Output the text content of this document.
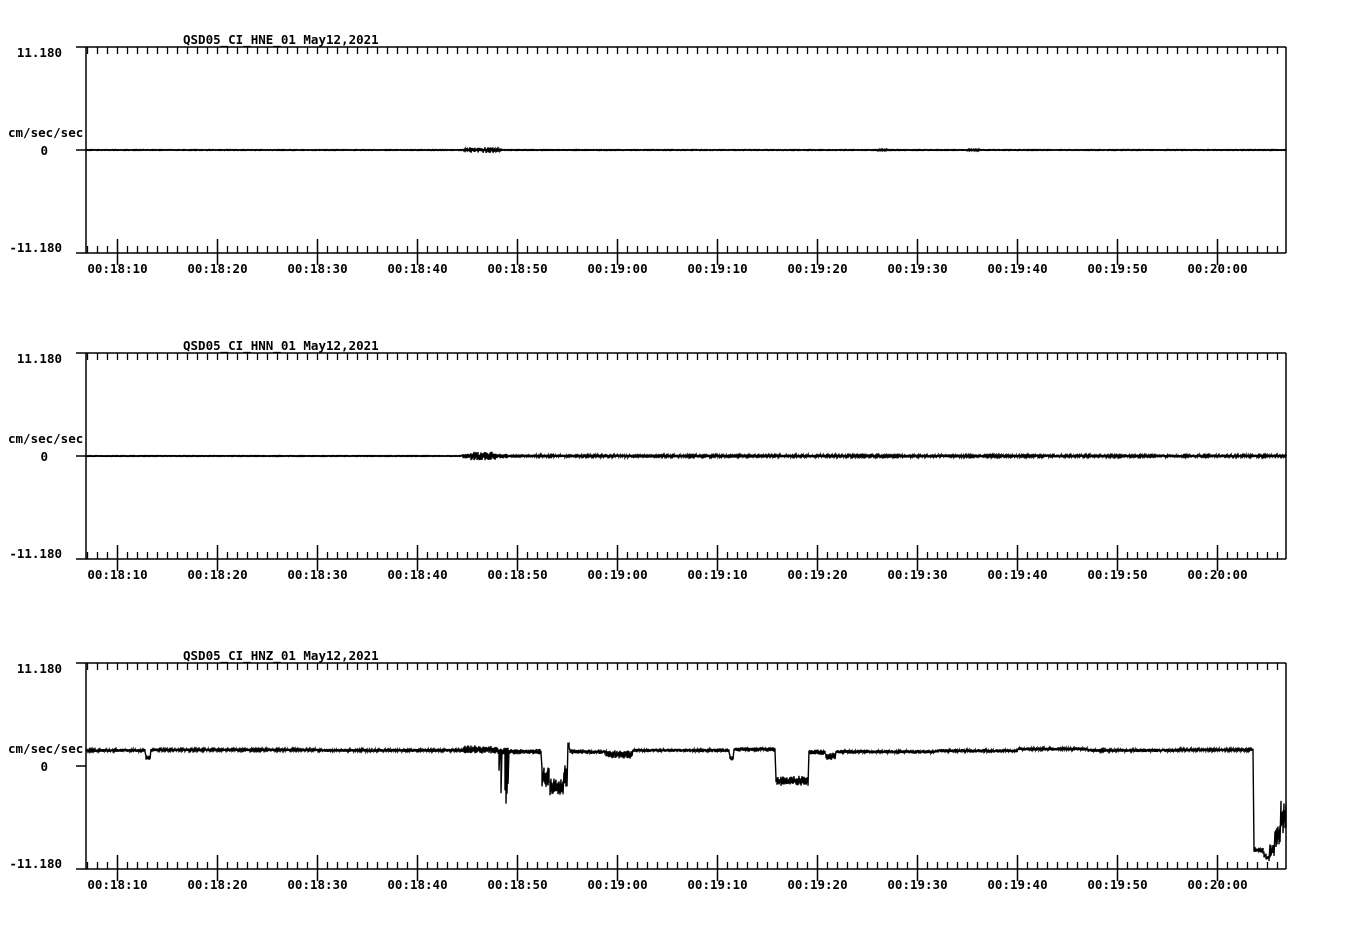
QSD05_CI_HNE_01 May12,2021
11.180
cm/sec/sec
0
-11.180
00:18:10	00:18:20	00:18:30	00:18:40	00:18:50	00:19:00	00:19:10	00:19:20	00:19:30	00:19:40	00:19:50	00:20:00
QSD05_CI_HNN_01 May12,2021
11.180
cm/sec/sec
0
-11.180
00:18:10	00:18:20	00:18:30	00:18:40	00:18:50	00:19:00	00:19:10	00:19:20	00:19:30	00:19:40	00:19:50	00:20:00
QSD05_CI_HNZ_01 May12,2021
11.180
cm/sec/sec
0
-11.180
00:18:10	00:18:20	00:18:30	00:18:40	00:18:50	00:19:00	00:19:10	00:19:20	00:19:30	00:19:40	00:19:50	00:20:00
